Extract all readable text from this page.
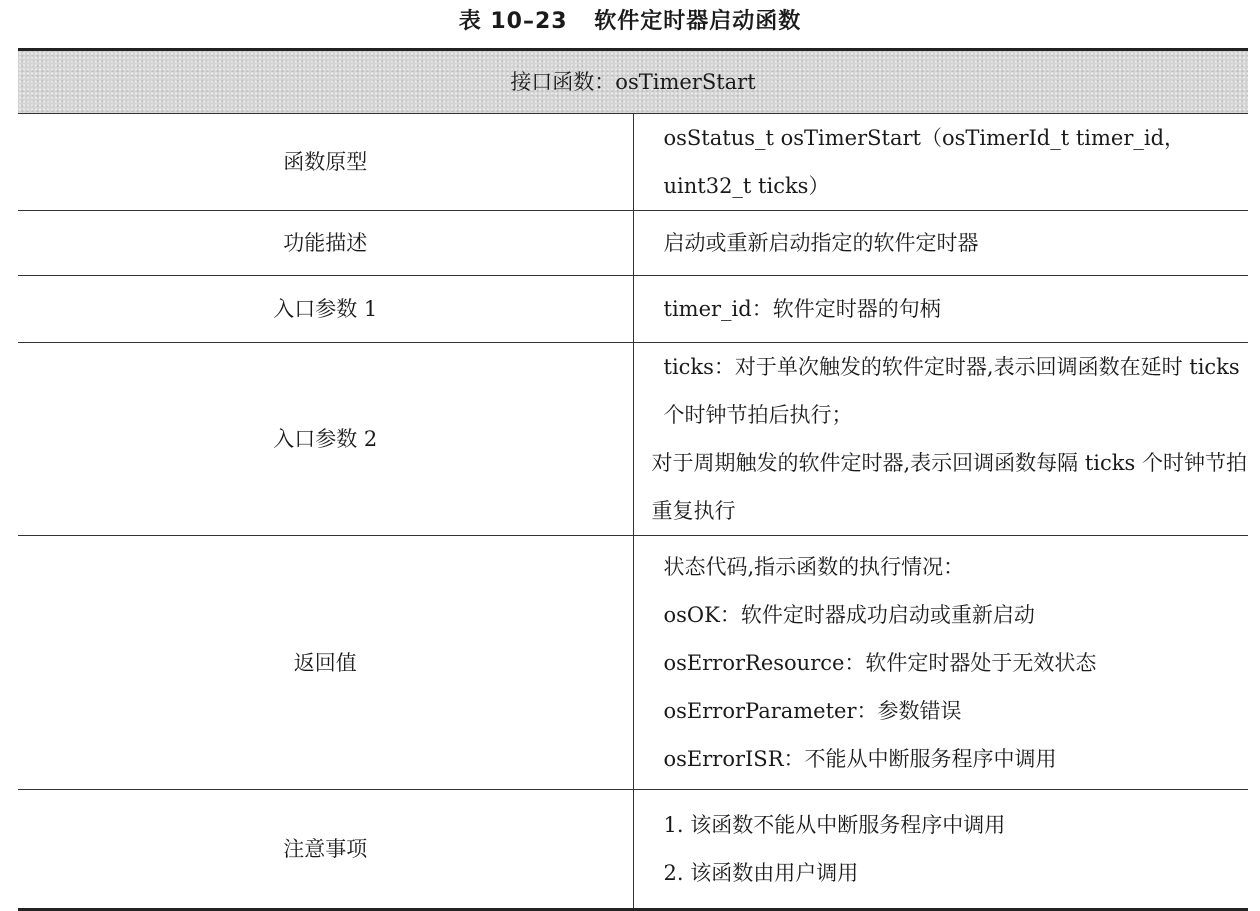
表 10–23 软件定时器启动函数
接口函数：osTimerStart	
函数原型	osStatus_t osTimerStart（osTimerId_t timer_id，uint32_t ticks）

功能描述	启动或重新启动指定的软件定时器

入口参数 1	timer_id：软件定时器的句柄

入口参数 2	ticks：对于单次触发的软件定时器,表示回调函数在延时 ticks 个时钟节拍后执行；
对于周期触发的软件定时器,表示回调函数每隔 ticks 个时钟节拍重复执行

返回值	状态代码,指示函数的执行情况：
osOK：软件定时器成功启动或重新启动
osErrorResource：软件定时器处于无效状态
osErrorParameter：参数错误
osErrorISR：不能从中断服务程序中调用

注意事项	1. 该函数不能从中断服务程序中调用
2. 该函数由用户调用
